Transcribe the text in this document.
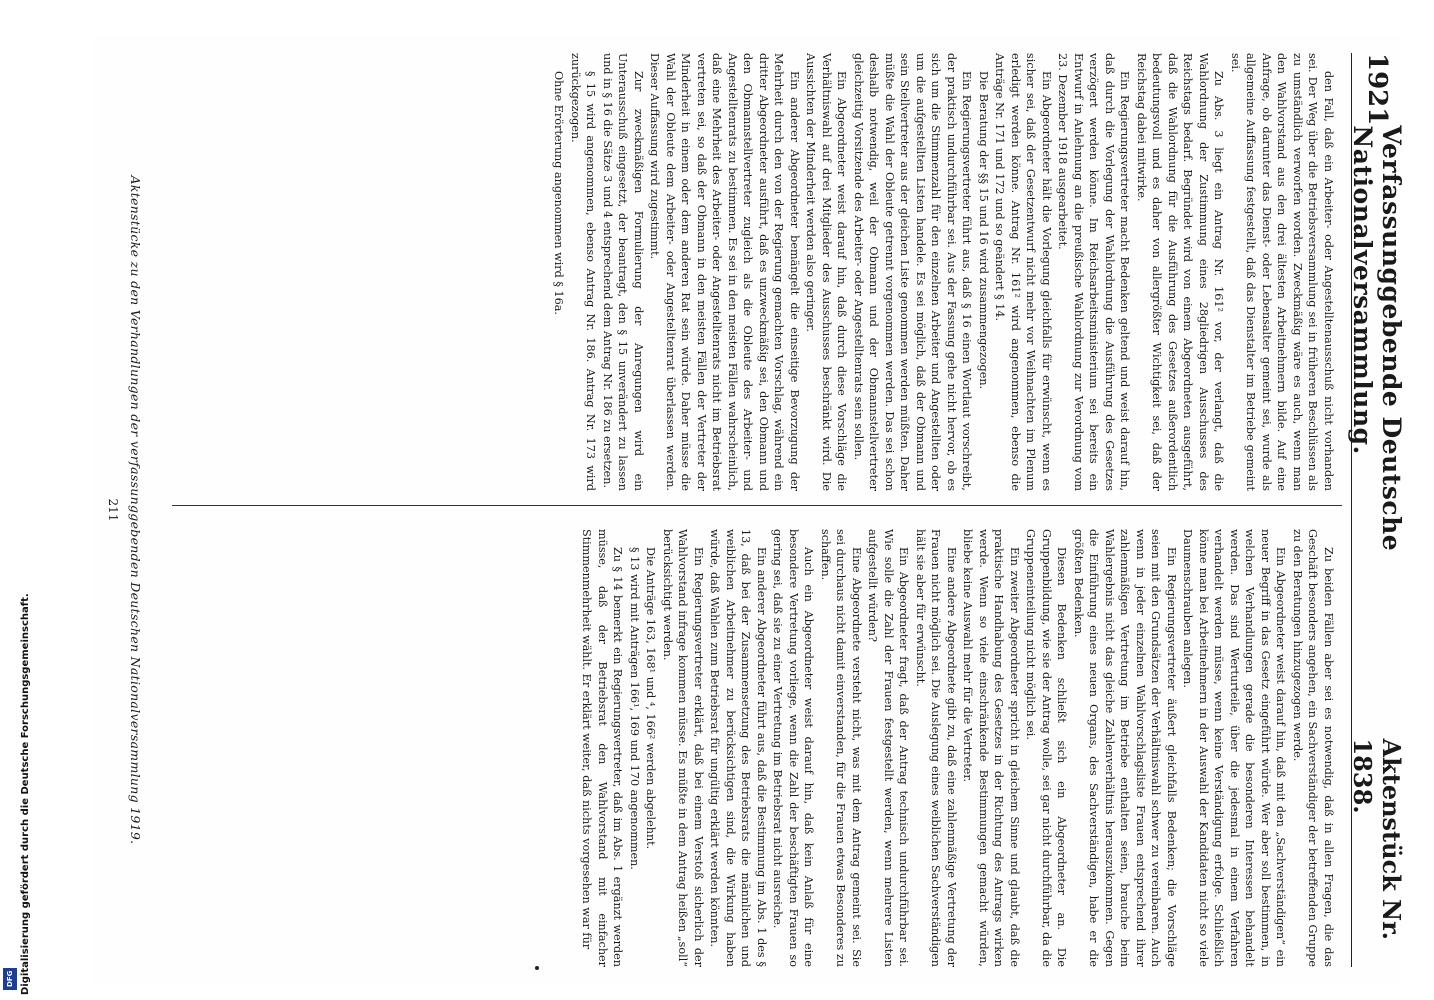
DFG Digitalisierung gefördert durch die Deutsche Forschungsgemeinschaft.
1921
Verfassunggebende Deutsche Nationalversammlung.
Aktenstück Nr. 1838.

den Fall, daß ein Arbeiter- oder Angestelltenausschuß nicht vorhanden sei. Der Weg über die Betriebsversammlung sei in früheren Beschlüssen als zu umständlich verworfen worden. Zweckmäßig wäre es auch, wenn man den Wahlvorstand aus den drei ältesten Arbeitnehmern bilde. Auf eine Anfrage, ob darunter das Dienst- oder Lebensalter gemeint sei, wurde als allgemeine Auffassung festgestellt, daß das Dienstalter im Betriebe gemeint sei.

Zu Abs. 3 liegt ein Antrag Nr. 161² vor, der verlangt, daß die Wahlordnung der Zustimmung eines 28gliedrigen Ausschusses des Reichstags bedarf. Begründet wird von einem Abgeordneten ausgeführt, daß die Wahlordnung für die Ausführung des Gesetzes außerordentlich bedeutungsvoll und es daher von allergrößter Wichtigkeit sei, daß der Reichstag dabei mitwirke.

Ein Regierungsvertreter macht Bedenken geltend und weist darauf hin, daß durch die Vorlegung der Wahlordnung die Ausführung des Gesetzes verzögert werden könne. Im Reichsarbeitsministerium sei bereits ein Entwurf in Anlehnung an die preußische Wahlordnung zur Verordnung vom 23. Dezember 1918 ausgearbeitet.

Ein Abgeordneter hält die Vorlegung gleichfalls für erwünscht, wenn es sicher sei, daß der Gesetzentwurf nicht mehr vor Weihnachten im Plenum erledigt werden könne. Antrag Nr. 161² wird angenommen, ebenso die Anträge Nr. 171 und 172 und so geändert § 14.

Die Beratung der §§ 15 und 16 wird zusammengezogen.

Ein Regierungsvertreter führt aus, daß § 16 einen Wortlaut vorschreibt, der praktisch undurchführbar sei. Aus der Fassung gehe nicht hervor, ob es sich um die Stimmenzahl für den einzelnen Arbeiter und Angestellten oder um die aufgestellten Listen handele. Es sei möglich, daß der Obmann und sein Stellvertreter aus der gleichen Liste genommen werden müßten. Daher müßte die Wahl der Obleute getrennt vorgenommen werden. Das sei schon deshalb notwendig, weil der Obmann und der Obmannstellvertreter gleichzeitig Vorsitzende des Arbeiter- oder Angestelltenrats sein sollen.

Ein Abgeordneter weist darauf hin, daß durch diese Vorschläge die Verhältniswahl auf drei Mitglieder des Ausschusses beschränkt wird. Die Aussichten der Minderheit werden also geringer.

Ein anderer Abgeordneter bemängelt die einseitige Bevorzugung der Mehrheit durch den von der Regierung gemachten Vorschlag, während ein dritter Abgeordneter ausführt, daß es unzweckmäßig sei, den Obmann und den Obmannstellvertreter zugleich als die Obleute des Arbeiter- und Angestelltenrats zu bestimmen. Es sei in den meisten Fällen wahrscheinlich, daß eine Mehrheit des Arbeiter- oder Angestelltenrats nicht im Betriebsrat vertreten sei, so daß der Obmann in den meisten Fällen der Vertreter der Minderheit in einem oder dem anderen Rat sein würde. Daher müsse die Wahl der Obleute dem Arbeiter- oder Angestelltenrat überlassen werden. Dieser Auffassung wird zugestimmt.

Zur zweckmäßigen Formulierung der Anregungen wird ein Unterausschuß eingesetzt, der beantragt, den § 15 unverändert zu lassen und in § 16 die Sätze 3 und 4 entsprechend dem Antrag Nr. 186 zu ersetzen.

§ 15 wird angenommen, ebenso Antrag Nr. 186. Antrag Nr. 173 wird zurückgezogen.

Ohne Erörterung angenommen wird § 16a.

Zu beiden Fällen aber sei es notwendig, daß in allen Fragen, die das Geschäft besonders angehen, ein Sachverständiger der betreffenden Gruppe zu den Beratungen hinzugezogen werde.

Ein Abgeordneter weist darauf hin, daß mit den „Sachverständigen“ ein neuer Begriff in das Gesetz eingeführt würde. Wer aber soll bestimmen, in welchen Verhandlungen gerade die besonderen Interessen behandelt werden. Das sind Werturteile, über die jedesmal in einem Verfahren verhandelt werden müsse, wenn keine Verständigung erfolge. Schließlich könne man bei Arbeitnehmern in der Auswahl der Kandidaten nicht so viele Daumenschrauben anlegen.

Ein Regierungsvertreter äußert gleichfalls Bedenken; die Vorschläge seien mit den Grundsätzen der Verhältniswahl schwer zu vereinbaren. Auch wenn in jeder einzelnen Wahlvorschlagsliste Frauen entsprechend ihrer zahlenmäßigen Vertretung im Betriebe enthalten seien, brauche beim Wahlergebnis nicht das gleiche Zahlenverhältnis herauszukommen. Gegen die Einführung eines neuen Organs, des Sachverständigen, habe er die größten Bedenken.

Diesen Bedenken schließt sich ein Abgeordneter an. Die Gruppenbildung, wie sie der Antrag wolle, sei gar nicht durchführbar, da die Gruppeneinteilung nicht möglich sei.

Ein zweiter Abgeordneter spricht in gleichem Sinne und glaubt, daß die praktische Handhabung des Gesetzes in der Richtung des Antrags wirken werde. Wenn so viele einschränkende Bestimmungen gemacht würden, bliebe keine Auswahl mehr für die Vertreter.

Eine andere Abgeordnete gibt zu, daß eine zahlenmäßige Vertretung der Frauen nicht möglich sei. Die Auslegung eines weiblichen Sachverständigen hält sie aber für erwünscht.

Ein Abgeordneter fragt, daß der Antrag technisch undurchführbar sei. Wie solle die Zahl der Frauen festgestellt werden, wenn mehrere Listen aufgestellt würden?

Eine Abgeordnete versteht nicht, was mit dem Antrag gemeint sei. Sie sei durchaus nicht damit einverstanden, für die Frauen etwas Besonderes zu schaffen.

Auch ein Abgeordneter weist darauf hin, daß kein Anlaß für eine besondere Vertretung vorliege, wenn die Zahl der beschäftigten Frauen so gering sei, daß sie zu einer Vertretung im Betriebsrat nicht ausreiche.

Ein anderer Abgeordneter führt aus, daß die Bestimmung im Abs. 1 des § 13, daß bei der Zusammensetzung des Betriebsrats die männlichen und weiblichen Arbeitnehmer zu berücksichtigen sind, die Wirkung haben würde, daß Wahlen zum Betriebsrat für ungültig erklärt werden könnten.

Ein Regierungsvertreter erklärt, daß bei einem Verstoß sicherlich der Wahlvorstand infrage kommen müsse. Es müßte in dem Antrag heißen „soll“ berücksichtigt werden.

Die Anträge 163, 168¹ und ⁴, 166² werden abgelehnt.

§ 13 wird mit Anträgen 166¹, 169 und 170 angenommen.

Zu § 14 bemerkt ein Regierungsvertreter, daß im Abs. 1 ergänzt werden müsse, daß der Betriebsrat den Wahlvorstand mit einfacher Stimmenmehrheit wählt. Er erklärt weiter, daß nichts vorgesehen war für

Aktenstücke zu den Verhandlungen der verfassunggebenden Deutschen Nationalversammlung 1919.
211
